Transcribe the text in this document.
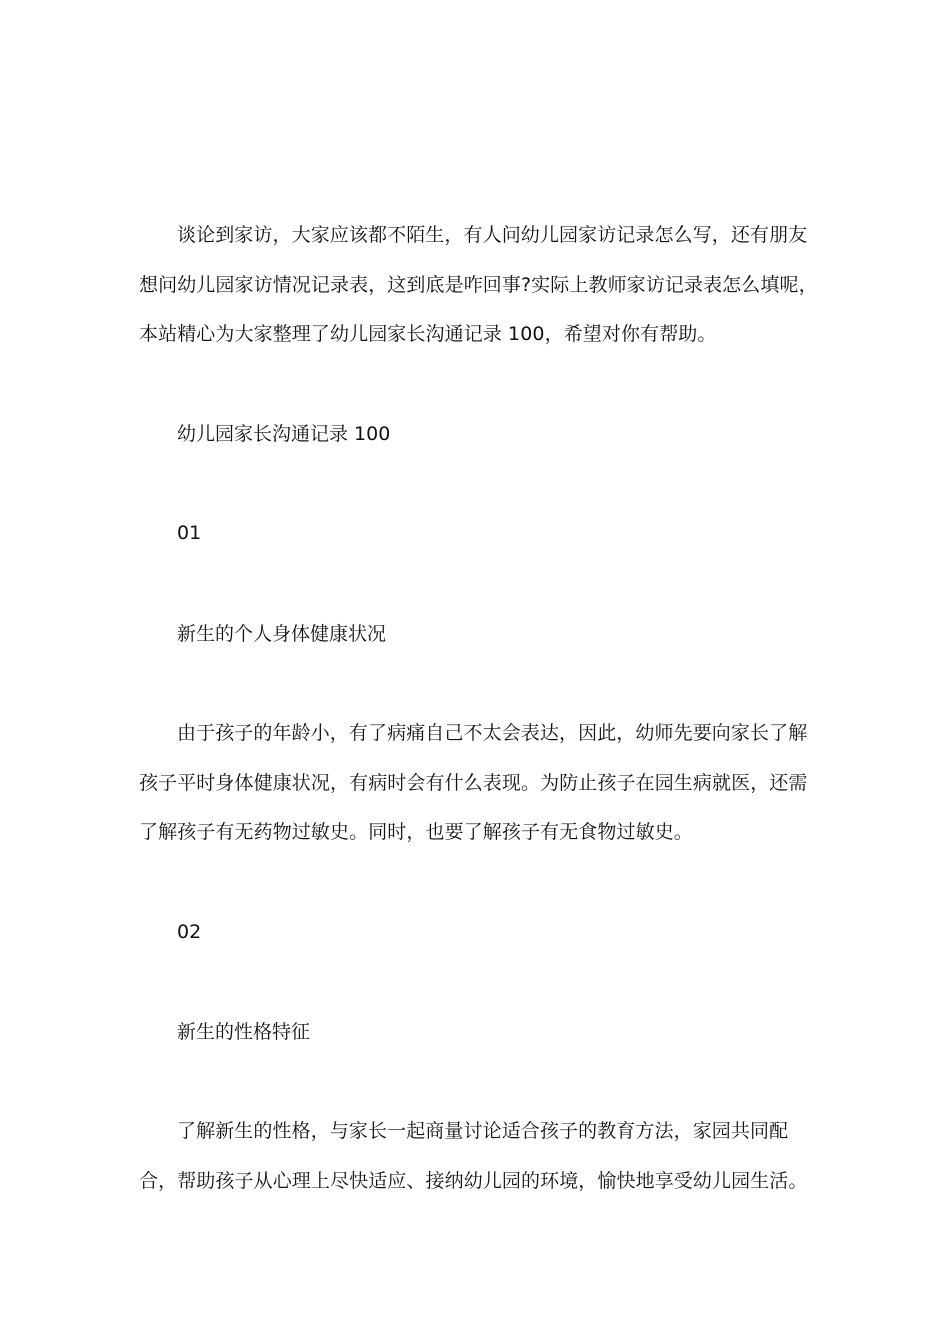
谈论到家访，大家应该都不陌生，有人问幼儿园家访记录怎么写，还有朋友想问幼儿园家访情况记录表，这到底是咋回事?实际上教师家访记录表怎么填呢，本站精心为大家整理了幼儿园家长沟通记录 100，希望对你有帮助。

幼儿园家长沟通记录 100

01

新生的个人身体健康状况

由于孩子的年龄小，有了病痛自己不太会表达，因此，幼师先要向家长了解孩子平时身体健康状况，有病时会有什么表现。为防止孩子在园生病就医，还需了解孩子有无药物过敏史。同时，也要了解孩子有无食物过敏史。

02

新生的性格特征

了解新生的性格，与家长一起商量讨论适合孩子的教育方法，家园共同配合，帮助孩子从心理上尽快适应、接纳幼儿园的环境，愉快地享受幼儿园生活。
